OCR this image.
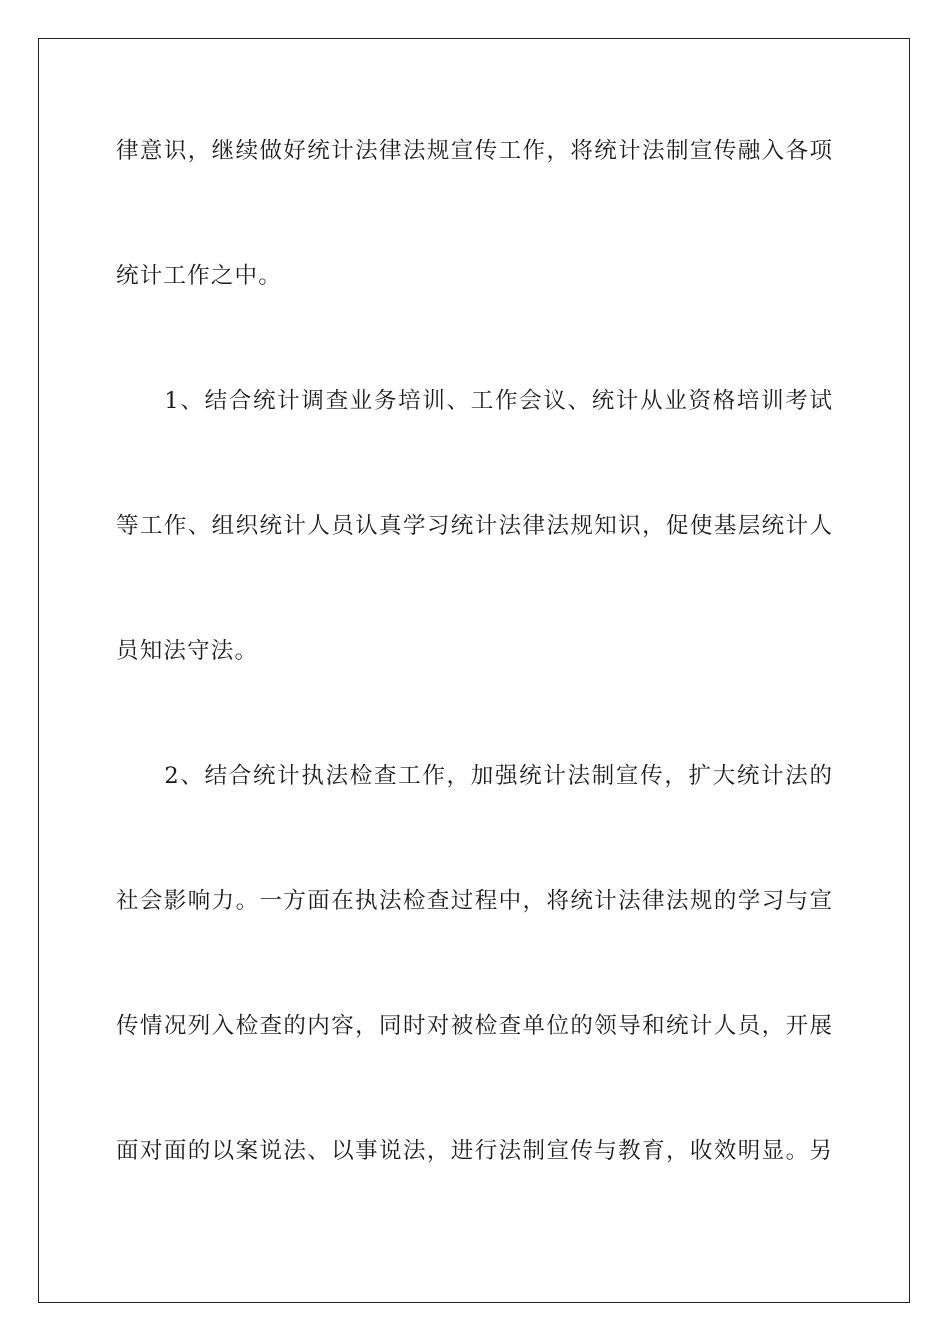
律意识，继续做好统计法律法规宣传工作，将统计法制宣传融入各项
统计工作之中。
　　1、结合统计调查业务培训、工作会议、统计从业资格培训考试
等工作、组织统计人员认真学习统计法律法规知识，促使基层统计人
员知法守法。
　　2、结合统计执法检查工作，加强统计法制宣传，扩大统计法的
社会影响力。一方面在执法检查过程中，将统计法律法规的学习与宣
传情况列入检查的内容，同时对被检查单位的领导和统计人员，开展
面对面的以案说法、以事说法，进行法制宣传与教育，收效明显。另
